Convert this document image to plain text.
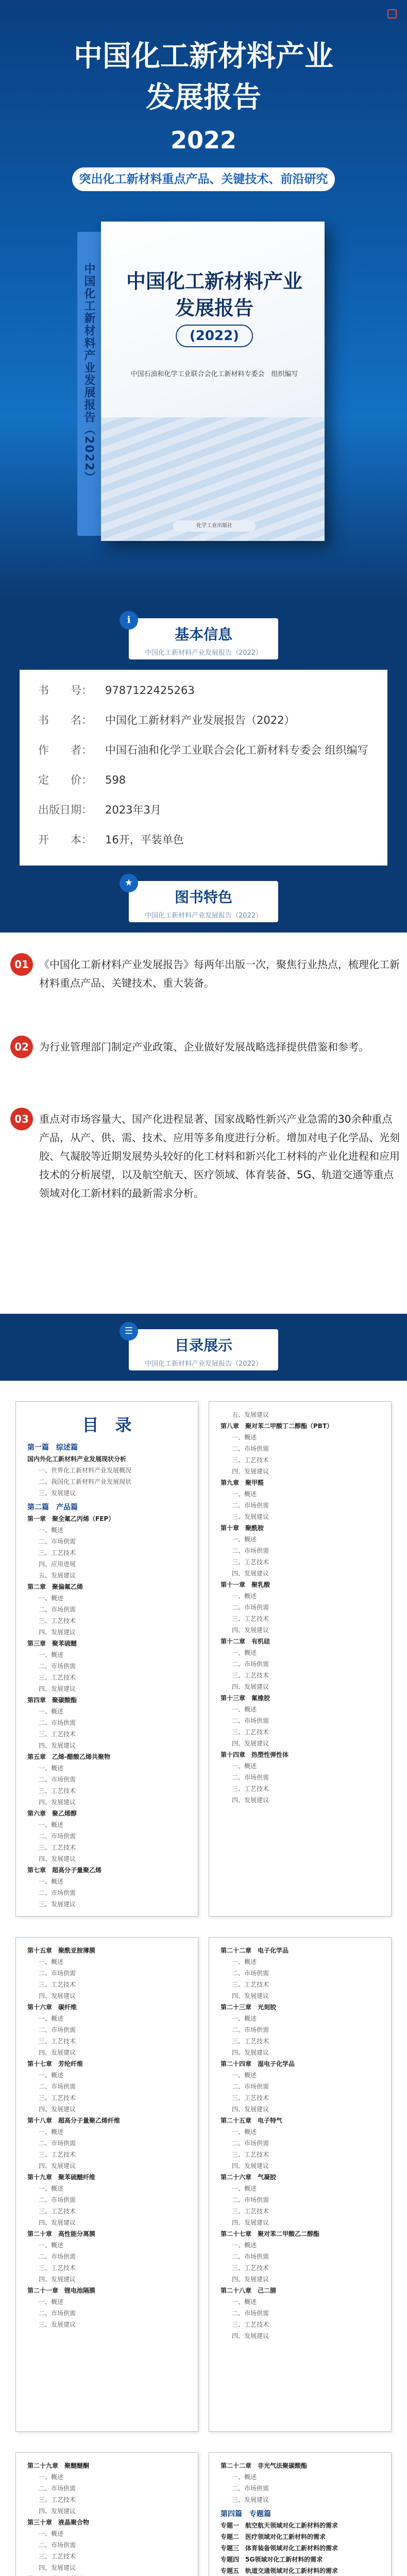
中国化工新材料产业
发展报告
2022
突出化工新材料重点产品、关键技术、前沿研究
中国化工新材料产业发展报告（2022）	中国化工新材料产业
发展报告
(2022)
中国石油和化学工业联合会化工新材料专委会　组织编写
化学工业出版社
ℹ
基本信息
中国化工新材料产业发展报告（2022）
书　　号： 9787122425263
书　　名： 中国化工新材料产业发展报告（2022）
作　　者： 中国石油和化学工业联合会化工新材料专委会 组织编写
定　　价： 598
出版日期： 2023年3月
开　　本： 16开，平装单色
★
图书特色
中国化工新材料产业发展报告（2022）
01	《中国化工新材料产业发展报告》每两年出版一次，聚焦行业热点，梳理化工新材料重点产品、关键技术、重大装备。
02	为行业管理部门制定产业政策、企业做好发展战略选择提供借鉴和参考。
03	重点对市场容量大、国产化进程显著、国家战略性新兴产业急需的30余种重点产品，从产、供、需、技术、应用等多角度进行分析。增加对电子化学品、光刻胶、气凝胶等近期发展势头较好的化工材料和新兴化工材料的产业化进程和应用技术的分析展望，以及航空航天、医疗领域、体育装备、5G、轨道交通等重点领域对化工新材料的最新需求分析。
☰
目录展示
中国化工新材料产业发展报告（2022）
目　录
第一篇　综述篇
国内外化工新材料产业发展现状分析
一、世界化工新材料产业发展概况
二、我国化工新材料产业发展现状
三、发展建议
第二篇　产品篇
第一章　聚全氟乙丙烯（FEP）
一、概述
二、市场供需
三、工艺技术
四、应用进展
五、发展建议
第二章　聚偏氟乙烯
一、概述
二、市场供需
三、工艺技术
四、发展建议
第三章　聚苯硫醚
一、概述
二、市场供需
三、工艺技术
四、发展建议
第四章　聚碳酸酯
一、概述
二、市场供需
三、工艺技术
四、发展建议
第五章　乙烯-醋酸乙烯共聚物
一、概述
二、市场供需
三、工艺技术
四、发展建议
第六章　聚乙烯醇
一、概述
二、市场供需
三、工艺技术
四、发展建议
第七章　超高分子量聚乙烯
一、概述
二、市场供需
三、发展建议
五、发展建议
第八章　聚对苯二甲酸丁二醇酯（PBT）
一、概述
二、市场供需
三、工艺技术
四、发展建议
第九章　聚甲醛
一、概述
二、市场供需
三、发展建议
第十章　聚酰胺
一、概述
二、市场供需
三、工艺技术
四、发展建议
第十一章　聚乳酸
一、概述
二、市场供需
三、工艺技术
四、发展建议
第十二章　有机硅
一、概述
二、市场供需
三、工艺技术
四、发展建议
第十三章　氟橡胶
一、概述
二、市场供需
三、工艺技术
四、发展建议
第十四章　热塑性弹性体
一、概述
二、市场供需
三、工艺技术
四、发展建议
第十五章　聚酰亚胺薄膜
一、概述
二、市场供需
三、工艺技术
四、发展建议
第十六章　碳纤维
一、概述
二、市场供需
三、工艺技术
四、发展建议
第十七章　芳纶纤维
一、概述
二、市场供需
三、工艺技术
四、发展建议
第十八章　超高分子量聚乙烯纤维
一、概述
二、市场供需
三、工艺技术
四、发展建议
第十九章　聚苯硫醚纤维
一、概述
二、市场供需
三、工艺技术
四、发展建议
第二十章　高性能分离膜
一、概述
二、市场供需
三、工艺技术
四、发展建议
第二十一章　锂电池隔膜
一、概述
二、市场供需
三、发展建议
第二十二章　电子化学品
一、概述
二、市场供需
三、工艺技术
四、发展建议
第二十三章　光刻胶
一、概述
二、市场供需
三、工艺技术
四、发展建议
第二十四章　湿电子化学品
一、概述
二、市场供需
三、工艺技术
四、发展建议
第二十五章　电子特气
一、概述
二、市场供需
三、工艺技术
四、发展建议
第二十六章　气凝胶
一、概述
二、市场供需
三、工艺技术
四、发展建议
第二十七章　聚对苯二甲酸乙二醇酯
一、概述
二、市场供需
三、工艺技术
四、发展建议
第二十八章　己二腈
一、概述
二、市场供需
三、工艺技术
四、发展建议
第二十九章　聚醚醚酮
一、概述
二、市场供需
三、工艺技术
四、发展建议
第三十章　液晶聚合物
一、概述
二、市场供需
三、工艺技术
四、发展建议
第二十二章　非光气法聚碳酸酯
一、概述
二、市场供需
三、发展建议
第四篇　专题篇
专题一　航空航天领域对化工新材料的需求
专题二　医疗领域对化工新材料的需求
专题三　体育装备领域对化工新材料的需求
专题四　5G领域对化工新材料的需求
专题五　轨道交通领域对化工新材料的需求
